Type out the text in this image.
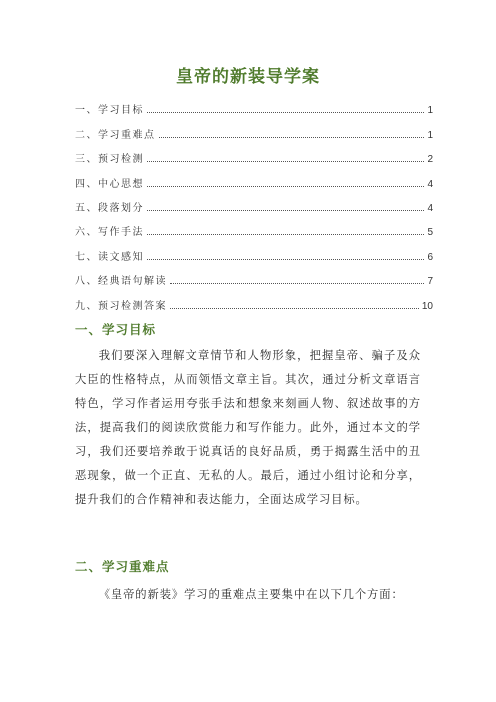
皇帝的新装导学案
一、学习目标	1
二、学习重难点	1
三、预习检测	2
四、中心思想	4
五、段落划分	4
六、写作手法	5
七、读文感知	6
八、经典语句解读	7
九、预习检测答案	10
一、学习目标

我们要深入理解文章情节和人物形象，把握皇帝、骗子及众大臣的性格特点，从而领悟文章主旨。其次，通过分析文章语言特色，学习作者运用夸张手法和想象来刻画人物、叙述故事的方法，提高我们的阅读欣赏能力和写作能力。此外，通过本文的学习，我们还要培养敢于说真话的良好品质，勇于揭露生活中的丑恶现象，做一个正直、无私的人。最后，通过小组讨论和分享，提升我们的合作精神和表达能力，全面达成学习目标。

二、学习重难点

《皇帝的新装》学习的重难点主要集中在以下几个方面：
